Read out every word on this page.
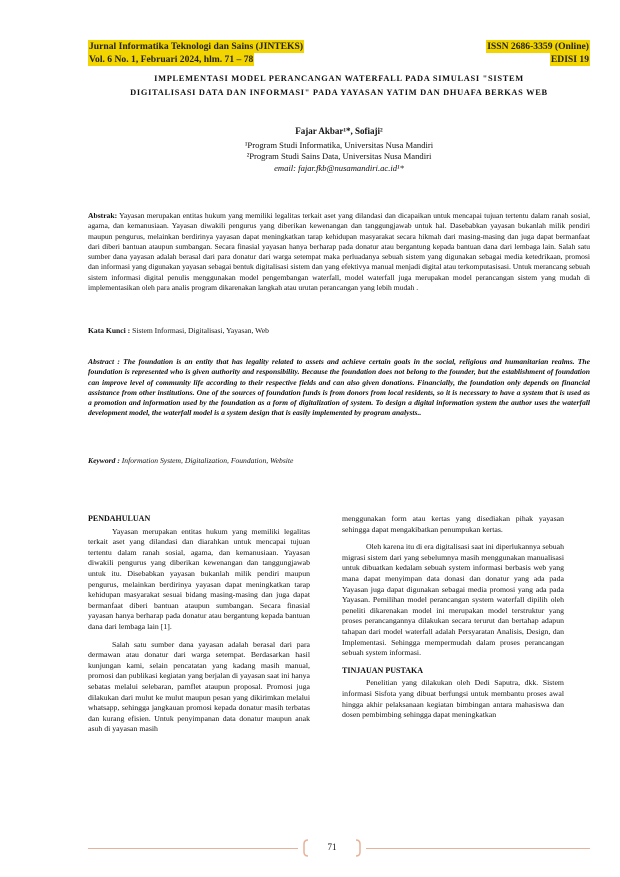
Jurnal Informatika Teknologi dan Sains (JINTEKS)	ISSN 2686-3359 (Online)
Vol. 6 No. 1, Februari 2024, hlm. 71 – 78	EDISI 19
IMPLEMENTASI MODEL PERANCANGAN WATERFALL PADA SIMULASI "SISTEM
DIGITALISASI DATA DAN INFORMASI" PADA YAYASAN YATIM DAN DHUAFA BERKAS WEB
Fajar Akbar¹*, Sofiaji²
¹Program Studi Informatika, Universitas Nusa Mandiri
²Program Studi Sains Data, Universitas Nusa Mandiri
email: fajar.fkb@nusamandiri.ac.id¹*
Abstrak: Yayasan merupakan entitas hukum yang memiliki legalitas terkait aset yang dilandasi dan dicapaikan untuk mencapai tujuan tertentu dalam ranah sosial, agama, dan kemanusiaan. Yayasan diwakili pengurus yang diberikan kewenangan dan tanggungjawab untuk hal. Dasebabkan yayasan bukanlah milik pendiri maupun pengurus, melainkan berdirinya yayasan dapat meningkatkan tarap kehidupan masyarakat secara hikmah dari masing-masing dan juga dapat bermanfaat dari diberi bantuan ataupun sumbangan. Secara finasial yayasan hanya berharap pada donatur atau bergantung kepada bantuan dana dari lembaga lain. Salah satu sumber dana yayasan adalah berasal dari para donatur dari warga setempat maka perluadanya sebuah sistem yang digunakan sebagai media ketedrikaan, promosi dan informasi yang digunakan yayasan sebagai bentuk digitalisasi sistem dan yang efektivya manual menjadi digital atau terkomputasisasi. Untuk merancang sebuah sistem informasi digital penulis menggunakan model pengembangan waterfall, model waterfall juga merupakan model perancangan sistem yang mudah di implementasikan oleh para analis program dikarenakan langkah atau urutan perancangan yang lebih mudah .
Kata Kunci : Sistem Informasi, Digitalisasi, Yayasan, Web
Abstract : The foundation is an entity that has legality related to assets and achieve certain goals in the social, religious and humanitarian realms. The foundation is represented who is given authority and responsibility. Because the foundation does not belong to the founder, but the establishment of foundation can improve level of community life according to their respective fields and can also given donations. Financially, the foundation only depends on financial assistance from other institutions. One of the sources of foundation funds is from donors from local residents, so it is necessary to have a system that is used as a promotion and information used by the foundation as a form of digitalization of system. To design a digital information system the author uses the waterfall development model, the waterfall model is a system design that is easily implemented by program analysts..
Keyword : Information System, Digitalization, Foundation, Website
PENDAHULUAN

Yayasan merupakan entitas hukum yang memiliki legalitas terkait aset yang dilandasi dan diarahkan untuk mencapai tujuan tertentu dalam ranah sosial, agama, dan kemanusiaan. Yayasan diwakili pengurus yang diberikan kewenangan dan tanggungjawab untuk itu. Disebabkan yayasan bukanlah milik pendiri maupun pengurus, melainkan berdirinya yayasan dapat meningkatkan tarap kehidupan masyarakat sesuai bidang masing-masing dan juga dapat bermanfaat diberi bantuan ataupun sumbangan. Secara finasial yayasan hanya berharap pada donatur atau bergantung kepada bantuan dana dari lembaga lain [1].

Salah satu sumber dana yayasan adalah berasal dari para dermawan atau donatur dari warga setempat. Berdasarkan hasil kunjungan kami, selain pencatatan yang kadang masih manual, promosi dan publikasi kegiatan yang berjalan di yayasan saat ini hanya sebatas melalui selebaran, pamflet ataupun proposal. Promosi juga dilakukan dari mulut ke mulut maupun pesan yang dikirimkan melalui whatsapp, sehingga jangkauan promosi kepada donatur masih terbatas dan kurang efisien. Untuk penyimpanan data donatur maupun anak asuh di yayasan masih

menggunakan form atau kertas yang disediakan pihak yayasan sehingga dapat mengakibatkan penumpukan kertas.

Oleh karena itu di era digitalisasi saat ini diperlukannya sebuah migrasi sistem dari yang sebelumnya masih menggunakan manualisasi untuk dibuatkan kedalam sebuah system informasi berbasis web yang mana dapat menyimpan data donasi dan donatur yang ada pada Yayasan juga dapat digunakan sebagai media promosi yang ada pada Yayasan. Pemilihan model perancangan system waterfall dipilih oleh peneliti dikarenakan model ini merupakan model terstruktur yang proses perancangannya dilakukan secara terurut dan bertahap adapun tahapan dari model waterfall adalah Persyaratan Analisis, Design, dan Implementasi. Sehingga mempermudah dalam proses perancangan sebuah system informasi.

TINJAUAN PUSTAKA

Penelitian yang dilakukan oleh Dedi Saputra, dkk. Sistem informasi Sisfota yang dibuat berfungsi untuk membantu proses awal hingga akhir pelaksanaan kegiatan bimbingan antara mahasiswa dan dosen pembimbing sehingga dapat meningkatkan

71
